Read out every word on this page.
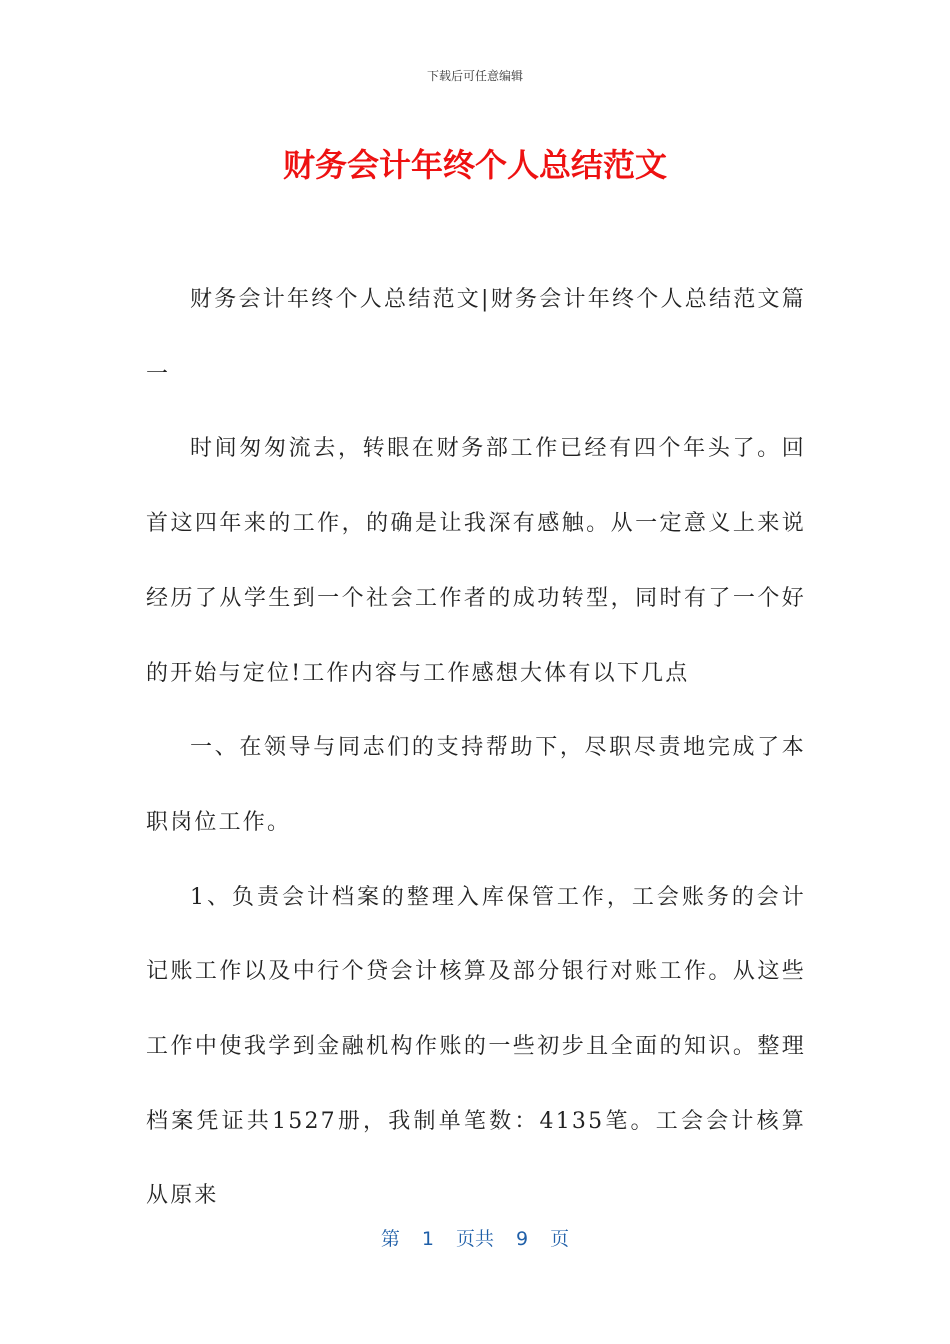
下载后可任意编辑
财务会计年终个人总结范文

财务会计年终个人总结范文|财务会计年终个人总结范文篇一

时间匆匆流去，转眼在财务部工作已经有四个年头了。回首这四年来的工作，的确是让我深有感触。从一定意义上来说经历了从学生到一个社会工作者的成功转型，同时有了一个好的开始与定位!工作内容与工作感想大体有以下几点

一、在领导与同志们的支持帮助下，尽职尽责地完成了本职岗位工作。

1、负责会计档案的整理入库保管工作，工会账务的会计记账工作以及中行个贷会计核算及部分银行对账工作。从这些工作中使我学到金融机构作账的一些初步且全面的知识。整理档案凭证共1527册，我制单笔数：4135笔。工会会计核算从原来

第 1 页共 9 页
